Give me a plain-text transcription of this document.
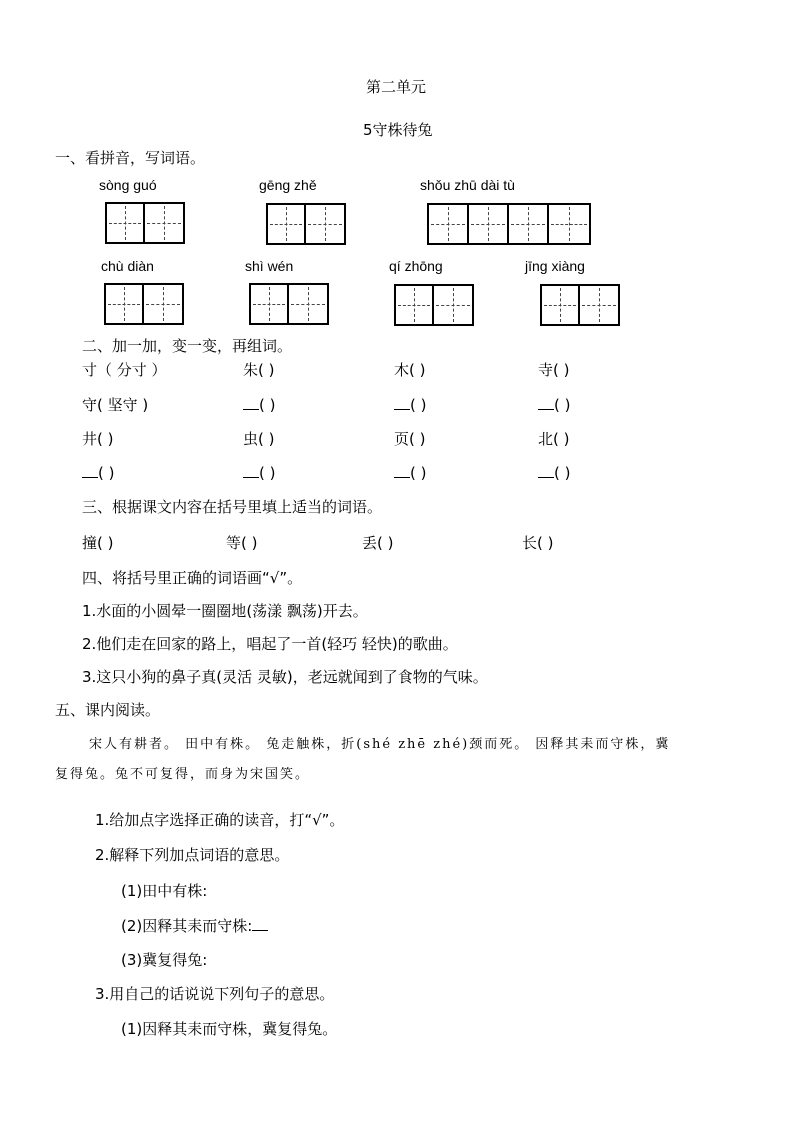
第二单元
5守株待兔
一、看拼音，写词语。
sòng guó	gēng zhě	shǒu zhū dài tù
chù diàn	shì wén	qí zhōng	jīng xiàng
二、加一加，变一变，再组词。
寸（ 分寸 ）	朱( )	木( )	寺( )
守( 坚守 )	( )	( )	( )
井( )	虫( )	页( )	北( )
( )	( )	( )	( )
三、根据课文内容在括号里填上适当的词语。
撞( )	等( )	丢( )	长( )
四、将括号里正确的词语画“√”。
1.水面的小圆晕一圈圈地(荡漾 飘荡)开去。
2.他们走在回家的路上，唱起了一首(轻巧 轻快)的歌曲。
3.这只小狗的鼻子真(灵活 灵敏)，老远就闻到了食物的气味。
五、课内阅读。
宋人有耕者。 田中有株。 兔走触株，折(shé zhē zhé)颈而死。 因释其耒而守株，冀
复得兔。兔不可复得，而身为宋国笑。
1.给加点字选择正确的读音，打“√”。
2.解释下列加点词语的意思。
(1)田中有株:
(2)因释其耒而守株:
(3)冀复得兔:
3.用自己的话说说下列句子的意思。
(1)因释其耒而守株，冀复得兔。
